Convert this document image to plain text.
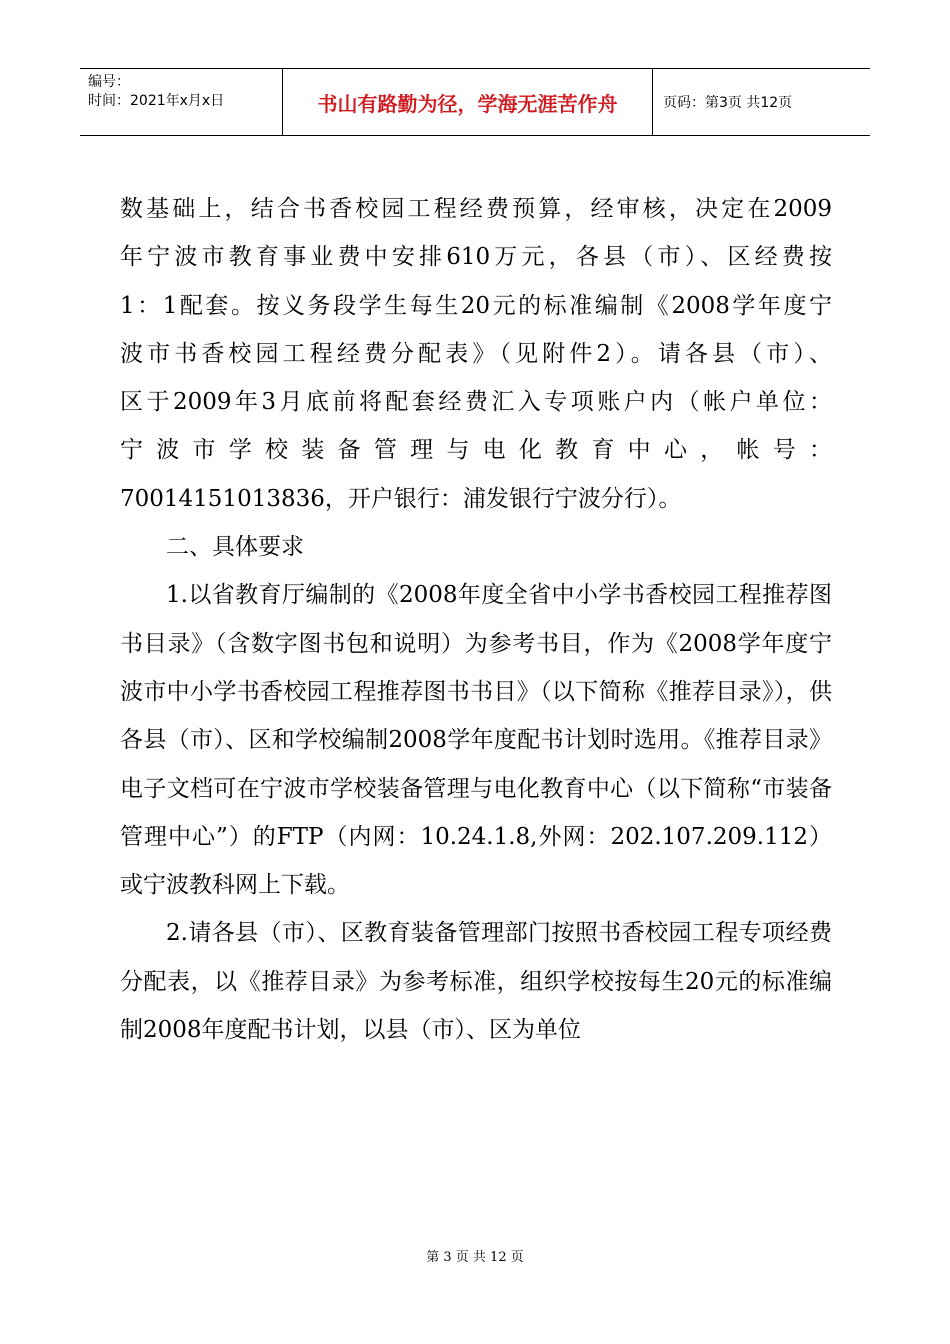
编号：
时间：2021年x月x日	书山有路勤为径，学海无涯苦作舟	页码：第3页 共12页
数基础上，结合书香校园工程经费预算，经审核，决定在2009
年宁波市教育事业费中安排610万元，各县（市）、区经费按
1：1配套。按义务段学生每生20元的标准编制《2008学年度宁
波市书香校园工程经费分配表》（见附件2）。请各县（市）、
区于2009年3月底前将配套经费汇入专项账户内（帐户单位：
宁波市学校装备管理与电化教育中心，帐号：
70014151013836，开户银行：浦发银行宁波分行）。

二、具体要求

1.以省教育厅编制的《2008年度全省中小学书香校园工程推荐图书目录》（含数字图书包和说明）为参考书目，作为《2008学年度宁波市中小学书香校园工程推荐图书书目》（以下简称《推荐目录》），供各县（市）、区和学校编制2008学年度配书计划时选用。《推荐目录》电子文档可在宁波市学校装备管理与电化教育中心（以下简称“市装备管理中心”）的FTP（内网：10.24.1.8,外网：202.107.209.112）或宁波教科网上下载。

2.请各县（市）、区教育装备管理部门按照书香校园工程专项经费分配表，以《推荐目录》为参考标准，组织学校按每生20元的标准编制2008年度配书计划，以县（市）、区为单位

第 3 页 共 12 页
